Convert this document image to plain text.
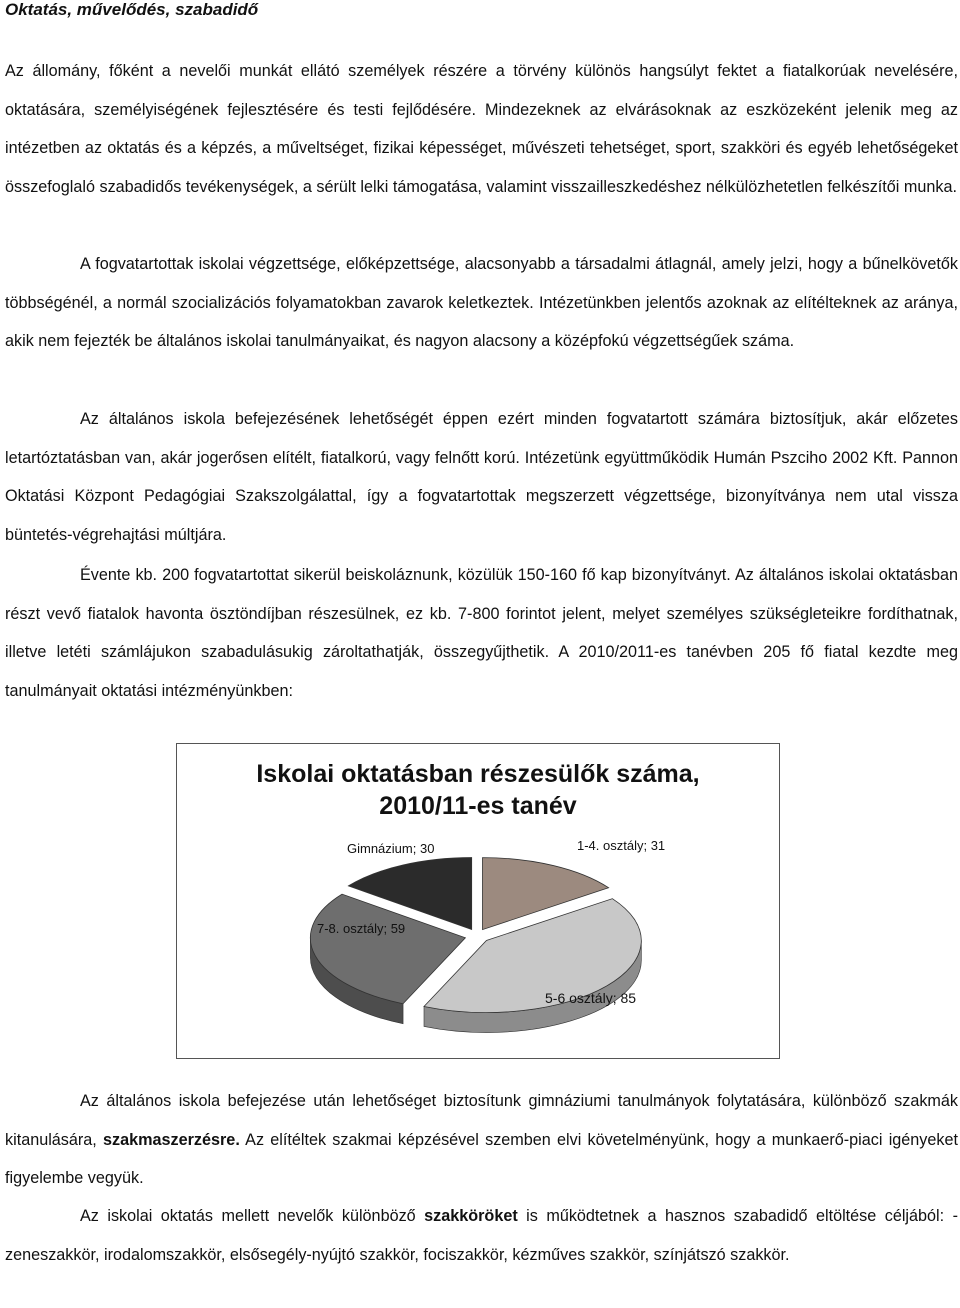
Oktatás, művelődés, szabadidő

Az állomány, főként a nevelői munkát ellátó személyek részére a törvény különös hangsúlyt fektet a fiatalkorúak nevelésére, oktatására, személyiségének fejlesztésére és testi fejlődésére. Mindezeknek az elvárásoknak az eszközeként jelenik meg az intézetben az oktatás és a képzés, a műveltséget, fizikai képességet, művészeti tehetséget, sport, szakköri és egyéb lehetőségeket összefoglaló szabadidős tevékenységek, a sérült lelki támogatása, valamint visszailleszkedéshez nélkülözhetetlen felkészítői munka.

A fogvatartottak iskolai végzettsége, előképzettsége, alacsonyabb a társadalmi átlagnál, amely jelzi, hogy a bűnelkövetők többségénél, a normál szocializációs folyamatokban zavarok keletkeztek. Intézetünkben jelentős azoknak az elítélteknek az aránya, akik nem fejezték be általános iskolai tanulmányaikat, és nagyon alacsony a középfokú végzettségűek száma.

Az általános iskola befejezésének lehetőségét éppen ezért minden fogvatartott számára biztosítjuk, akár előzetes letartóztatásban van, akár jogerősen elítélt, fiatalkorú, vagy felnőtt korú. Intézetünk együttműködik Humán Pszciho 2002 Kft. Pannon Oktatási Központ Pedagógiai Szakszolgálattal, így a fogvatartottak megszerzett végzettsége, bizonyítványa nem utal vissza büntetés-végrehajtási múltjára.

Évente kb. 200 fogvatartottat sikerül beiskoláznunk, közülük 150-160 fő kap bizonyítványt. Az általános iskolai oktatásban részt vevő fiatalok havonta ösztöndíjban részesülnek, ez kb. 7-800 forintot jelent, melyet személyes szükségleteikre fordíthatnak, illetve letéti számlájukon szabadulásukig zároltathatják, összegyűjthetik. A 2010/2011-es tanévben 205 fő fiatal kezdte meg tanulmányait oktatási intézményünkben:

Iskolai oktatásban részesülők száma,
2010/11-es tanév
1-4. osztály; 31
5-6 osztály; 85
7-8. osztály; 59
Gimnázium; 30

Az általános iskola befejezése után lehetőséget biztosítunk gimnáziumi tanulmányok folytatására, különböző szakmák kitanulására, szakmaszerzésre. Az elítéltek szakmai képzésével szemben elvi követelményünk, hogy a munkaerő-piaci igényeket figyelembe vegyük.

Az iskolai oktatás mellett nevelők különböző szakköröket is működtetnek a hasznos szabadidő eltöltése céljából: - zeneszakkör, irodalomszakkör, elsősegély-nyújtó szakkör, fociszakkör, kézműves szakkör, színjátszó szakkör.
